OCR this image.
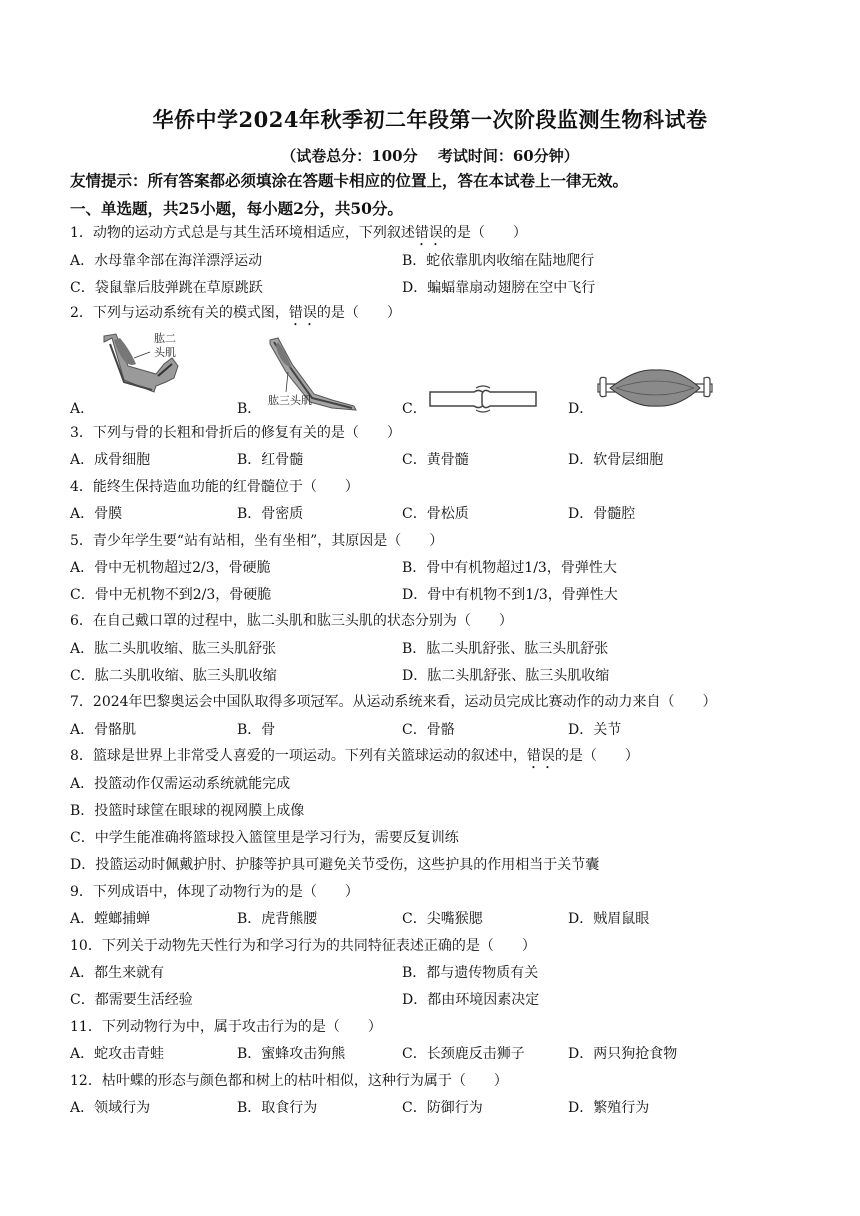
华侨中学2024年秋季初二年段第一次阶段监测生物科试卷
（试卷总分：100分　 考试时间：60分钟）
友情提示：所有答案都必须填涂在答题卡相应的位置上，答在本试卷上一律无效。
一、单选题，共25小题，每小题2分，共50分。
1．动物的运动方式总是与其生活环境相适应，下列叙述错误的是（　　）
A．水母靠伞部在海洋漂浮运动	B．蛇依靠肌肉收缩在陆地爬行
C．袋鼠靠后肢弹跳在草原跳跃	D．蝙蝠靠扇动翅膀在空中飞行
2．下列与运动系统有关的模式图，错误的是（　　）
A．
肱二
头肌
B．
肱三头肌
C．	D．
3．下列与骨的长粗和骨折后的修复有关的是（　　）
A．成骨细胞	B．红骨髓	C．黄骨髓	D．软骨层细胞
4．能终生保持造血功能的红骨髓位于（　　）
A．骨膜	B．骨密质	C．骨松质	D．骨髓腔
5．青少年学生要“站有站相，坐有坐相”，其原因是（　　）
A．骨中无机物超过2/3，骨硬脆	B．骨中有机物超过1/3，骨弹性大
C．骨中无机物不到2/3，骨硬脆	D．骨中有机物不到1/3，骨弹性大
6．在自己戴口罩的过程中，肱二头肌和肱三头肌的状态分别为（　　）
A．肱二头肌收缩、肱三头肌舒张	B．肱二头肌舒张、肱三头肌舒张
C．肱二头肌收缩、肱三头肌收缩	D．肱二头肌舒张、肱三头肌收缩
7．2024年巴黎奥运会中国队取得多项冠军。从运动系统来看，运动员完成比赛动作的动力来自（　　）
A．骨骼肌	B．骨	C．骨骼	D．关节
8．篮球是世界上非常受人喜爱的一项运动。下列有关篮球运动的叙述中，错误的是（　　）
A．投篮动作仅需运动系统就能完成
B．投篮时球筐在眼球的视网膜上成像
C．中学生能准确将篮球投入篮筐里是学习行为，需要反复训练
D．投篮运动时佩戴护肘、护膝等护具可避免关节受伤，这些护具的作用相当于关节囊
9．下列成语中，体现了动物行为的是（　　）
A．螳螂捕蝉	B．虎背熊腰	C．尖嘴猴腮	D．贼眉鼠眼
10．下列关于动物先天性行为和学习行为的共同特征表述正确的是（　　）
A．都生来就有	B．都与遗传物质有关
C．都需要生活经验	D．都由环境因素决定
11．下列动物行为中，属于攻击行为的是（　　）
A．蛇攻击青蛙	B．蜜蜂攻击狗熊	C．长颈鹿反击狮子	D．两只狗抢食物
12．枯叶蝶的形态与颜色都和树上的枯叶相似，这种行为属于（　　）
A．领域行为	B．取食行为	C．防御行为	D．繁殖行为
